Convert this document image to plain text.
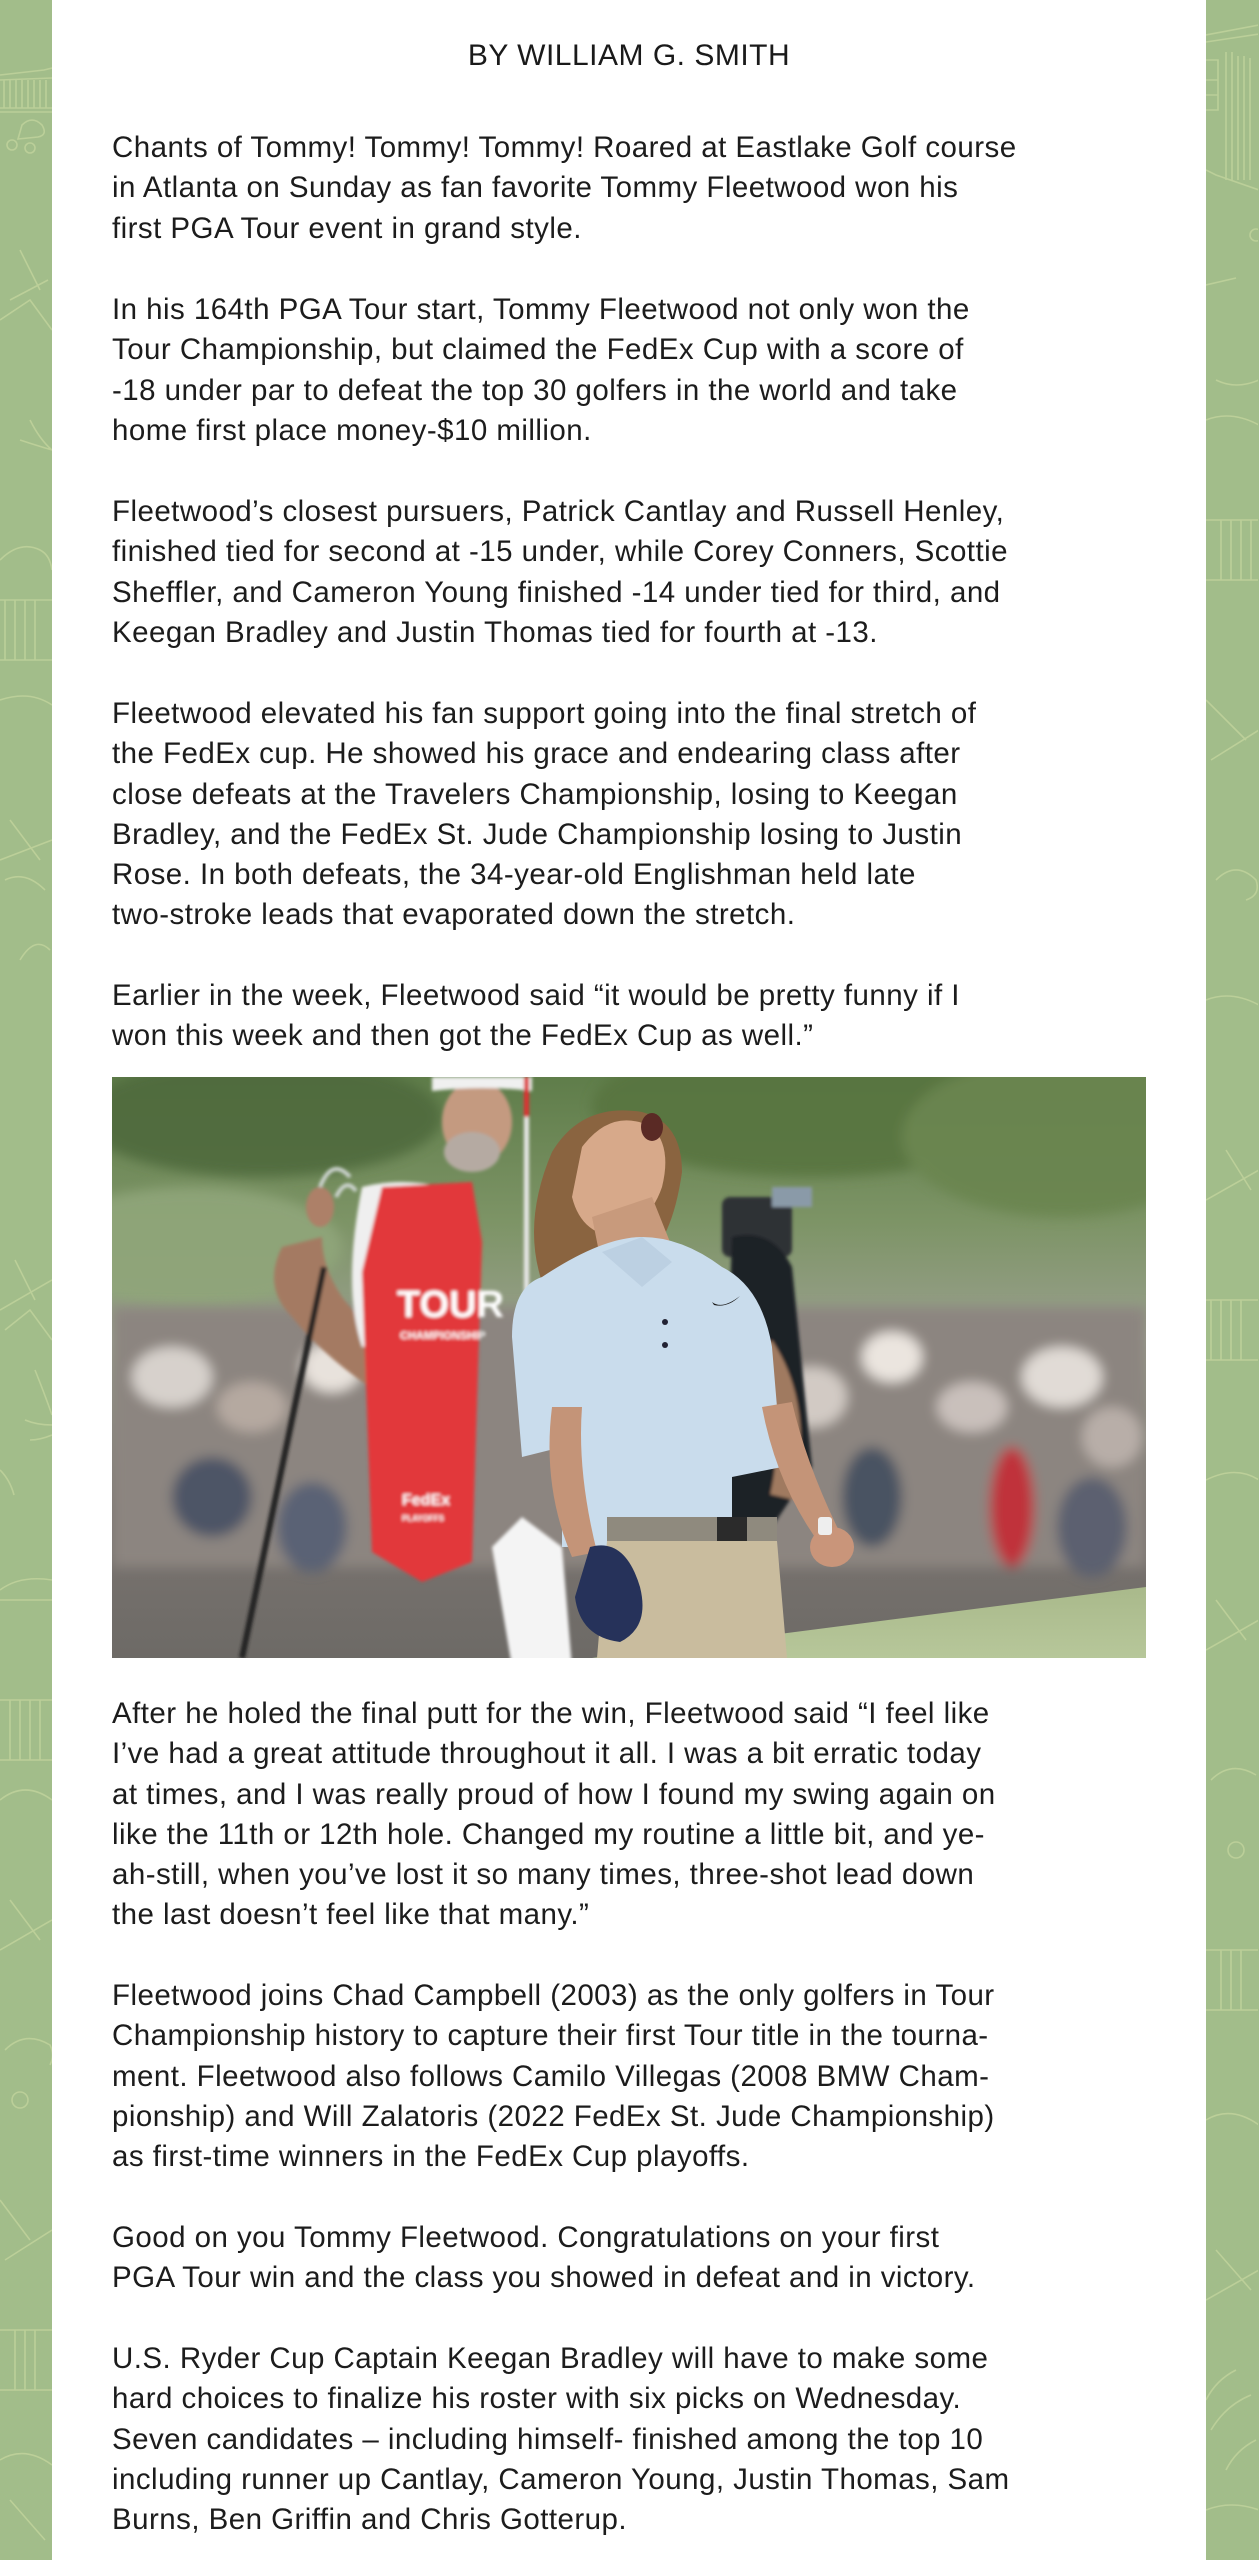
BY WILLIAM G. SMITH
Chants of Tommy! Tommy! Tommy! Roared at Eastlake Golf course
in Atlanta on Sunday as fan favorite Tommy Fleetwood won his
first PGA Tour event in grand style.
In his 164th PGA Tour start, Tommy Fleetwood not only won the
Tour Championship, but claimed the FedEx Cup with a score of
-18 under par to defeat the top 30 golfers in the world and take
home first place money-$10 million.
Fleetwood’s closest pursuers, Patrick Cantlay and Russell Henley,
finished tied for second at -15 under, while Corey Conners, Scottie
Sheffler, and Cameron Young finished -14 under tied for third, and
Keegan Bradley and Justin Thomas tied for fourth at -13.
Fleetwood elevated his fan support going into the final stretch of
the FedEx cup. He showed his grace and endearing class after
close defeats at the Travelers Championship, losing to Keegan
Bradley, and the FedEx St. Jude Championship losing to Justin
Rose. In both defeats, the 34-year-old Englishman held late
two-stroke leads that evaporated down the stretch.
Earlier in the week, Fleetwood said “it would be pretty funny if I
won this week and then got the FedEx Cup as well.”
TOUR
CHAMPIONSHIP
FedEx
PLAYOFFS
After he holed the final putt for the win, Fleetwood said “I feel like
I’ve had a great attitude throughout it all. I was a bit erratic today
at times, and I was really proud of how I found my swing again on
like the 11th or 12th hole. Changed my routine a little bit, and ye-
ah-still, when you’ve lost it so many times, three-shot lead down
the last doesn’t feel like that many.”
Fleetwood joins Chad Campbell (2003) as the only golfers in Tour
Championship history to capture their first Tour title in the tourna-
ment. Fleetwood also follows Camilo Villegas (2008 BMW Cham-
pionship) and Will Zalatoris (2022 FedEx St. Jude Championship)
as first-time winners in the FedEx Cup playoffs.
Good on you Tommy Fleetwood. Congratulations on your first
PGA Tour win and the class you showed in defeat and in victory.
U.S. Ryder Cup Captain Keegan Bradley will have to make some
hard choices to finalize his roster with six picks on Wednesday.
Seven candidates – including himself- finished among the top 10
including runner up Cantlay, Cameron Young, Justin Thomas, Sam
Burns, Ben Griffin and Chris Gotterup.
